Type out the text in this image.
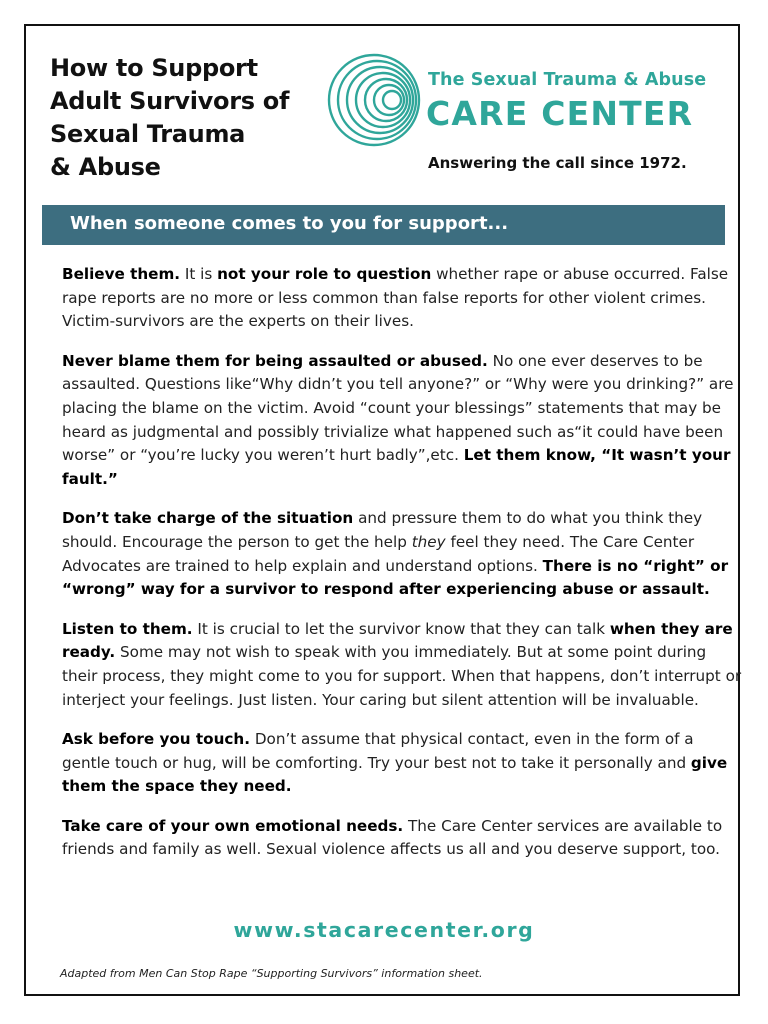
How to Support
Adult Survivors of
Sexual Trauma
& Abuse
The Sexual Trauma & Abuse
CARE CENTER
Answering the call since 1972.
When someone comes to you for support...

Believe them. It is not your role to question whether rape or abuse occurred. False rape reports are no more or less common than false reports for other violent crimes. Victim-survivors are the experts on their lives.

Never blame them for being assaulted or abused. No one ever deserves to be assaulted. Questions like“Why didn’t you tell anyone?” or “Why were you drinking?” are placing the blame on the victim. Avoid “count your blessings” statements that may be heard as judgmental and possibly trivialize what happened such as“it could have been worse” or “you’re lucky you weren’t hurt badly”,etc. Let them know, “It wasn’t your fault.”

Don’t take charge of the situation and pressure them to do what you think they should. Encourage the person to get the help they feel they need. The Care Center Advocates are trained to help explain and understand options. There is no “right” or “wrong” way for a survivor to respond after experiencing abuse or assault.

Listen to them. It is crucial to let the survivor know that they can talk when they are ready. Some may not wish to speak with you immediately. But at some point during their process, they might come to you for support. When that happens, don’t interrupt or interject your feelings. Just listen. Your caring but silent attention will be invaluable.

Ask before you touch. Don’t assume that physical contact, even in the form of a gentle touch or hug, will be comforting. Try your best not to take it personally and give them the space they need.

Take care of your own emotional needs. The Care Center services are available to friends and family as well. Sexual violence affects us all and you deserve support, too.

www.stacarecenter.org
Adapted from Men Can Stop Rape “Supporting Survivors” information sheet.
